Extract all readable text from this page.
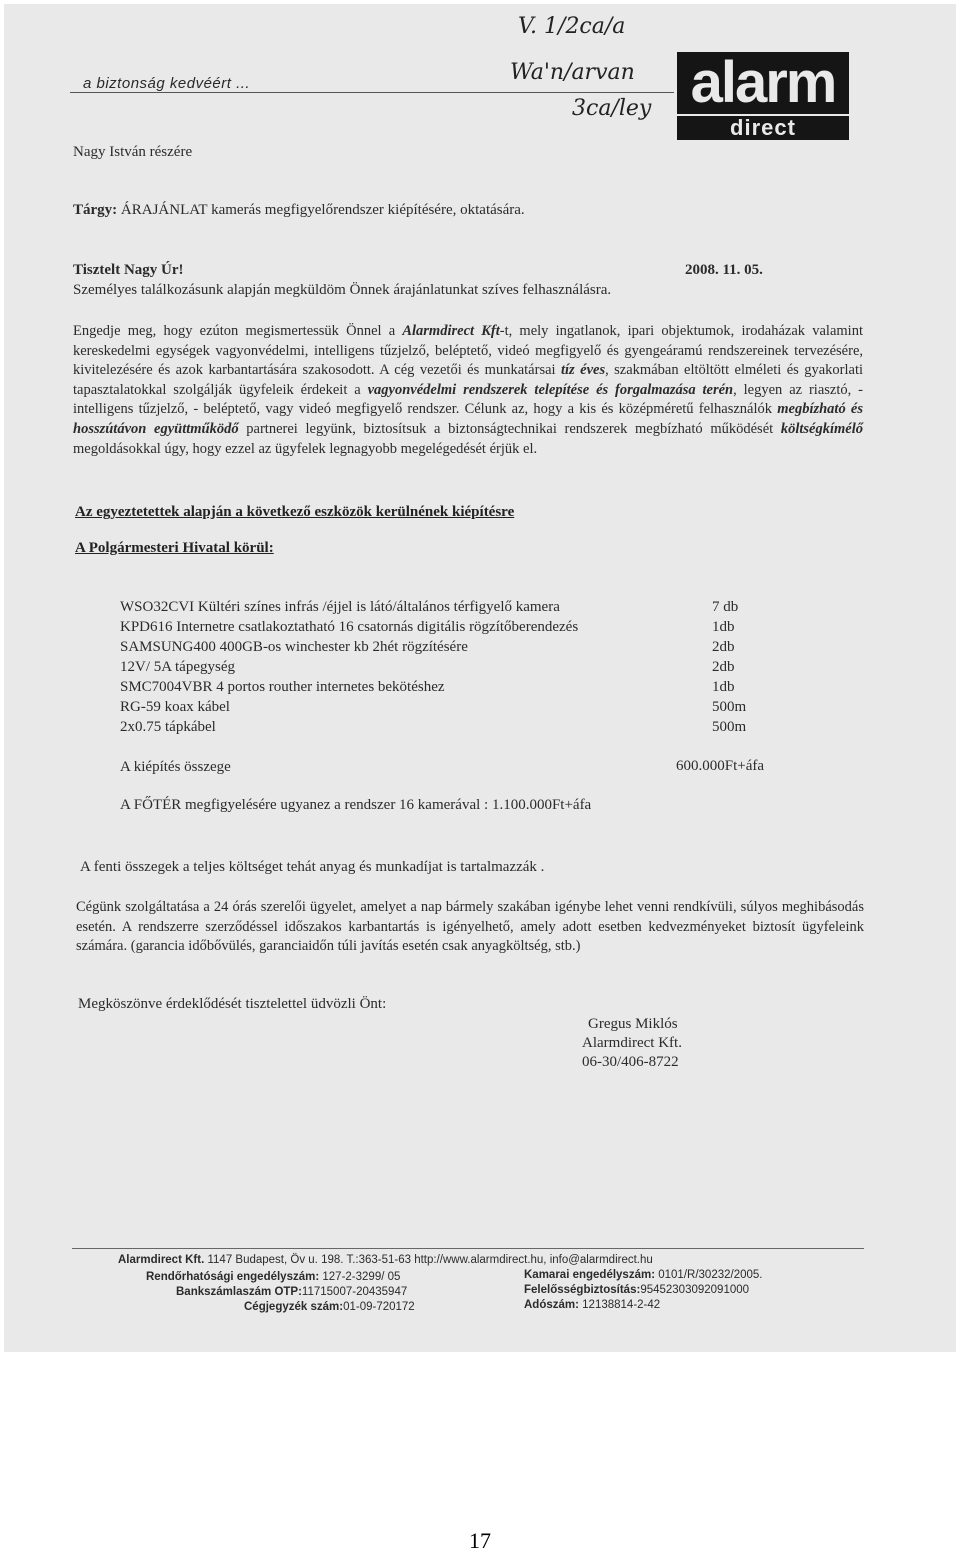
a biztonság kedvéért ...
V. 1/2ca/a
Wa'n/arvan
3ca/ley alarm
direct
Nagy István részére
Tárgy: ÁRAJÁNLAT kamerás megfigyelőrendszer kiépítésére, oktatására.
Tisztelt Nagy Úr!	2008. 11. 05.
Személyes találkozásunk alapján megküldöm Önnek árajánlatunkat szíves felhasználásra.
Engedje meg, hogy ezúton megismertessük Önnel a Alarmdirect Kft-t, mely ingatlanok, ipari objektumok, irodaházak valamint kereskedelmi egységek vagyonvédelmi, intelligens tűzjelző, beléptető, videó megfigyelő és gyengeáramú rendszereinek tervezésére, kivitelezésére és azok karbantartására szakosodott. A cég vezetői és munkatársai tíz éves, szakmában eltöltött elméleti és gyakorlati tapasztalatokkal szolgálják ügyfeleik érdekeit a vagyonvédelmi rendszerek telepítése és forgalmazása terén, legyen az riasztó, - intelligens tűzjelző, - beléptető, vagy videó megfigyelő rendszer. Célunk az, hogy a kis és középméretű felhasználók megbízható és hosszútávon együttműködő partnerei legyünk, biztosítsuk a biztonságtechnikai rendszerek megbízható működését költségkímélő megoldásokkal úgy, hogy ezzel az ügyfelek legnagyobb megelégedését érjük el.
Az egyeztetettek alapján a következő eszközök kerülnének kiépítésre
A Polgármesteri Hivatal körül:
WSO32CVI Kültéri színes infrás /éjjel is látó/általános térfigyelő kamera	7 db
KPD616 Internetre csatlakoztatható 16 csatornás digitális rögzítőberendezés	1db
SAMSUNG400 400GB-os winchester kb 2hét rögzítésére	2db
12V/ 5A tápegység	2db
SMC7004VBR 4 portos routher internetes bekötéshez	1db
RG-59 koax kábel	500m
2x0.75 tápkábel	500m
A kiépítés összege	600.000Ft+áfa
A FŐTÉR megfigyelésére ugyanez a rendszer 16 kamerával : 1.100.000Ft+áfa
A fenti összegek a teljes költséget tehát anyag és munkadíjat is tartalmazzák .
Cégünk szolgáltatása a 24 órás szerelői ügyelet, amelyet a nap bármely szakában igénybe lehet venni rendkívüli, súlyos meghibásodás esetén. A rendszerre szerződéssel időszakos karbantartás is igényelhető, amely adott esetben kedvezményeket biztosít ügyfeleink számára. (garancia időbővülés, garanciaidőn túli javítás esetén csak anyagköltség, stb.)
Megköszönve érdeklődését tisztelettel üdvözli Önt:
Gregus Miklós
Alarmdirect Kft.
06-30/406-8722
Alarmdirect Kft. 1147 Budapest, Öv u. 198. T.:363-51-63 http://www.alarmdirect.hu, info@alarmdirect.hu
Rendőrhatósági engedélyszám: 127-2-3299/ 05
Bankszámlaszám OTP:11715007-20435947
Cégjegyzék szám:01-09-720172
Kamarai engedélyszám: 0101/R/30232/2005.
Felelősségbiztosítás:95452303092091000
Adószám: 12138814-2-42
17
